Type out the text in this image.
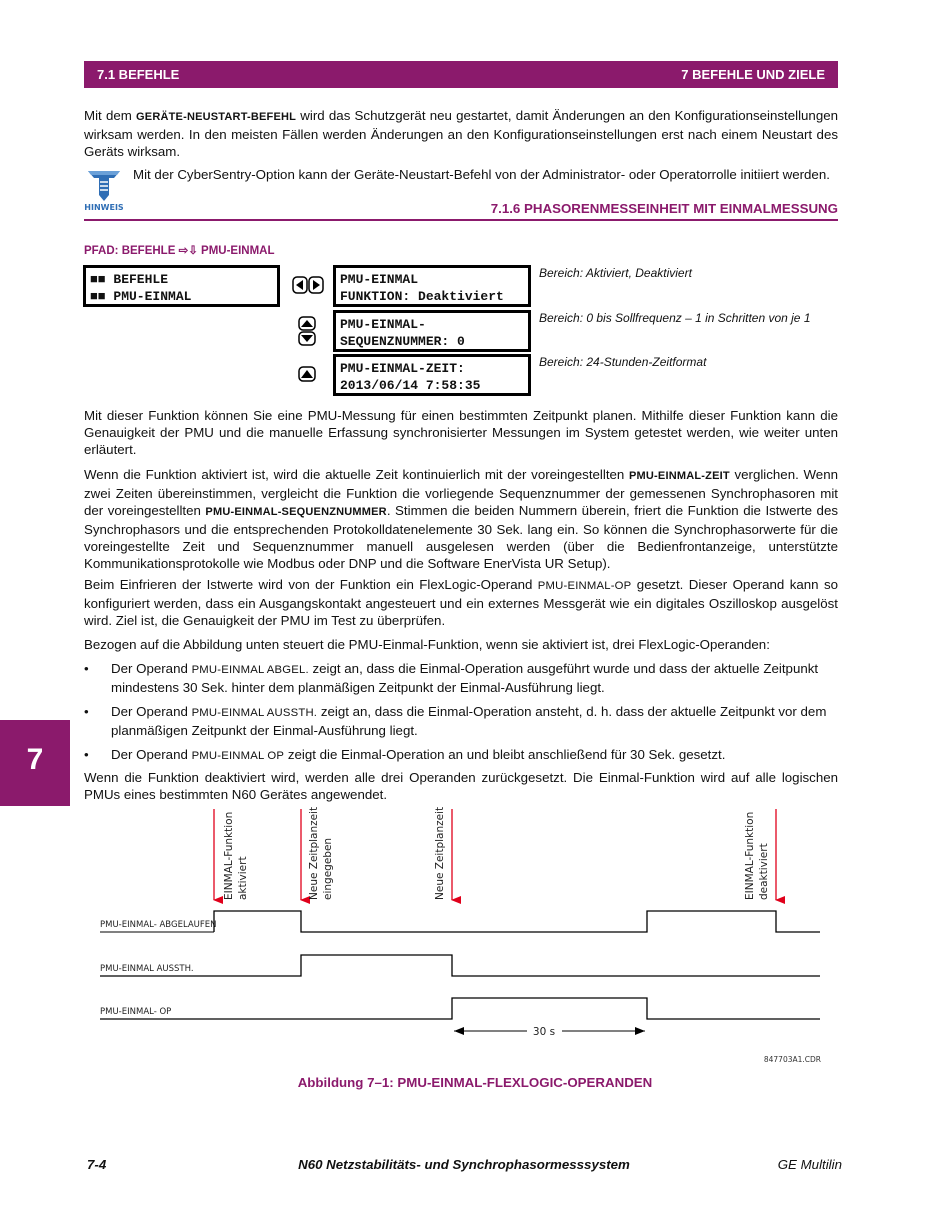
7.1 BEFEHLE	7 BEFEHLE UND ZIELE

Mit dem GERÄTE-NEUSTART-BEFEHL wird das Schutzgerät neu gestartet, damit Änderungen an den Konfigurationseinstellungen wirksam werden. In den meisten Fällen werden Änderungen an den Konfigurationseinstellungen erst nach einem Neustart des Geräts wirksam.

HINWEIS
Mit der CyberSentry-Option kann der Geräte-Neustart-Befehl von der Administrator- oder Operatorrolle initiiert werden.
7.1.6 PHASORENMESSEINHEIT MIT EINMALMESSUNG
PFAD: BEFEHLE ⇨⇩ PMU-EINMAL
■■ BEFEHLE
■■ PMU-EINMAL
PMU-EINMAL
FUNKTION: Deaktiviert
PMU-EINMAL-
SEQUENZNUMMER: 0
PMU-EINMAL-ZEIT:
2013/06/14 7:58:35
Bereich: Aktiviert, Deaktiviert
Bereich: 0 bis Sollfrequenz – 1 in Schritten von je 1
Bereich: 24-Stunden-Zeitformat

Mit dieser Funktion können Sie eine PMU-Messung für einen bestimmten Zeitpunkt planen. Mithilfe dieser Funktion kann die Genauigkeit der PMU und die manuelle Erfassung synchronisierter Messungen im System getestet werden, wie weiter unten erläutert.

Wenn die Funktion aktiviert ist, wird die aktuelle Zeit kontinuierlich mit der voreingestellten PMU-EINMAL-ZEIT verglichen. Wenn zwei Zeiten übereinstimmen, vergleicht die Funktion die vorliegende Sequenznummer der gemessenen Synchrophasoren mit der voreingestellten PMU-EINMAL-SEQUENZNUMMER. Stimmen die beiden Nummern überein, friert die Funktion die Istwerte des Synchrophasors und die entsprechenden Protokolldatenelemente 30 Sek. lang ein. So können die Synchrophasorwerte für die voreingestellte Zeit und Sequenznummer manuell ausgelesen werden (über die Bedienfrontanzeige, unterstützte Kommunikationsprotokolle wie Modbus oder DNP und die Software EnerVista UR Setup).

Beim Einfrieren der Istwerte wird von der Funktion ein FlexLogic-Operand PMU-EINMAL-OP gesetzt. Dieser Operand kann so konfiguriert werden, dass ein Ausgangskontakt angesteuert und ein externes Messgerät wie ein digitales Oszilloskop ausgelöst wird. Ziel ist, die Genauigkeit der PMU im Test zu überprüfen.

Bezogen auf die Abbildung unten steuert die PMU-Einmal-Funktion, wenn sie aktiviert ist, drei FlexLogic-Operanden:

• Der Operand PMU-EINMAL ABGEL. zeigt an, dass die Einmal-Operation ausgeführt wurde und dass der aktuelle Zeitpunkt mindestens 30 Sek. hinter dem planmäßigen Zeitpunkt der Einmal-Ausführung liegt.
• Der Operand PMU-EINMAL AUSSTH. zeigt an, dass die Einmal-Operation ansteht, d. h. dass der aktuelle Zeitpunkt vor dem planmäßigen Zeitpunkt der Einmal-Ausführung liegt.
• Der Operand PMU-EINMAL OP zeigt die Einmal-Operation an und bleibt anschließend für 30 Sek. gesetzt.

Wenn die Funktion deaktiviert wird, werden alle drei Operanden zurückgesetzt. Die Einmal-Funktion wird auf alle logischen PMUs eines bestimmten N60 Gerätes angewendet.

7
EINMAL-Funktion aktiviert	Neue Zeitplanzeit eingegeben	Neue Zeitplanzeit	EINMAL-Funktion deaktiviert
PMU-EINMAL- ABGELAUFEN
PMU-EINMAL AUSSTH.
PMU-EINMAL- OP
30 s
847703A1.CDR
Abbildung 7–1: PMU-EINMAL-FLEXLOGIC-OPERANDEN
7-4	N60 Netzstabilitäts- und Synchrophasormesssystem	GE Multilin
